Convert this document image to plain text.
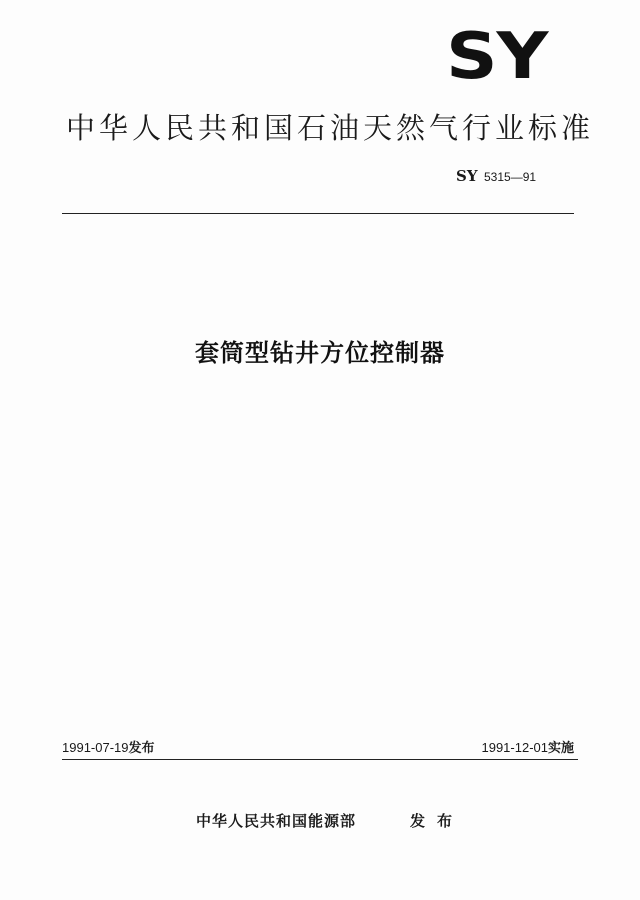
SY
中华人民共和国石油天然气行业标准
SY 5315—91
套筒型钻井方位控制器
1991-07-19发布	1991-12-01实施
中华人民共和国能源部	发布
